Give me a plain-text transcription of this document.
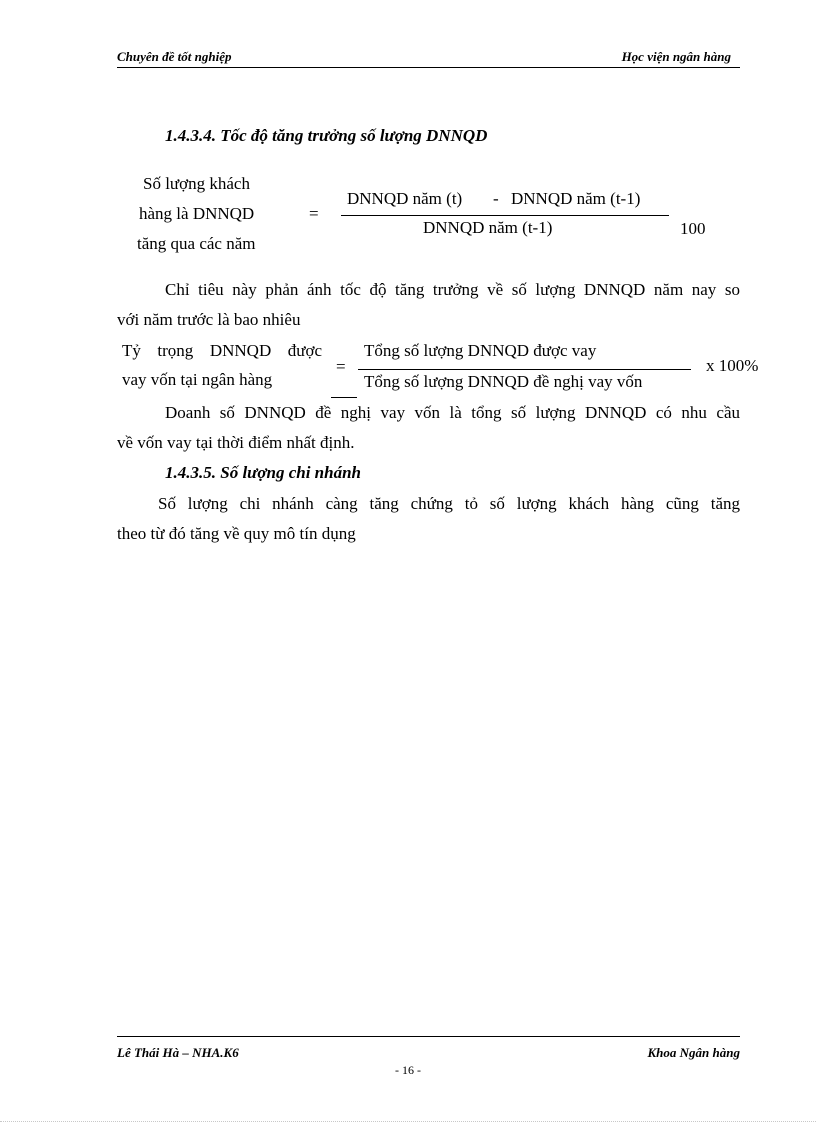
Chuyên đề tốt nghiệp	Học viện ngân hàng
1.4.3.4. Tốc độ tăng trưởng số lượng DNNQD
Số lượng khách
hàng là DNNQD
tăng qua các năm
=
DNNQD năm (t) - DNNQD năm (t-1)
DNNQD năm (t-1)	100
Chỉ tiêu này phản ánh tốc độ tăng trưởng về số lượng DNNQD năm nay so
với năm trước là bao nhiêu
Tỷ trọng DNNQD được
vay vốn tại ngân hàng
=
Tổng số lượng DNNQD được vay
Tổng số lượng DNNQD đề nghị vay vốn
x 100%
Doanh số DNNQD đề nghị vay vốn là tổng số lượng DNNQD có nhu cầu
về vốn vay tại thời điểm nhất định.
1.4.3.5. Số lượng chi nhánh
Số lượng chi nhánh càng tăng chứng tỏ số lượng khách hàng cũng tăng
theo từ đó tăng về quy mô tín dụng
Lê Thái Hà – NHA.K6	Khoa Ngân hàng
- 16 -
